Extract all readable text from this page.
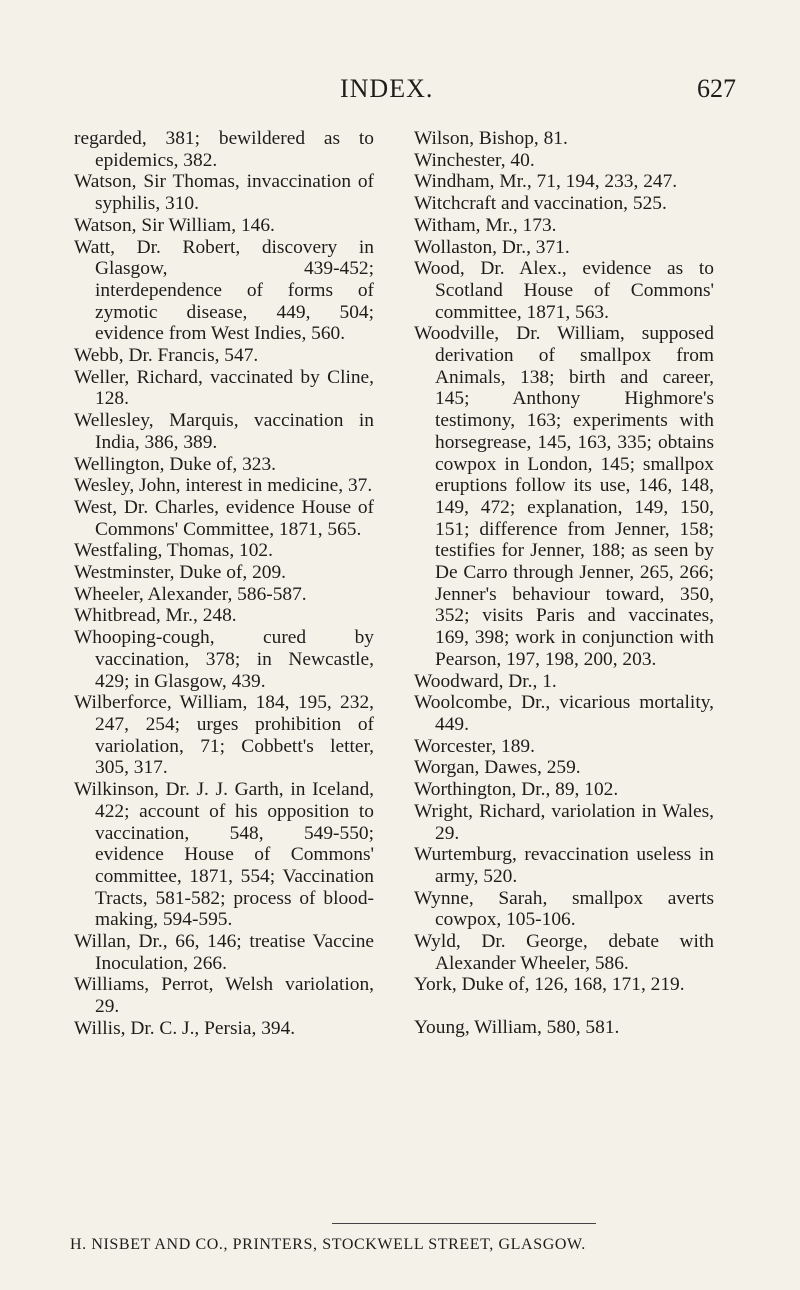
INDEX.	627

regarded, 381; bewildered as to epidemics, 382.

Watson, Sir Thomas, invaccination of syphilis, 310.

Watson, Sir William, 146.

Watt, Dr. Robert, discovery in Glasgow, 439-452; interdependence of forms of zymotic disease, 449, 504; evidence from West Indies, 560.

Webb, Dr. Francis, 547.

Weller, Richard, vaccinated by Cline, 128.

Wellesley, Marquis, vaccination in India, 386, 389.

Wellington, Duke of, 323.

Wesley, John, interest in medicine, 37.

West, Dr. Charles, evidence House of Commons' Committee, 1871, 565.

Westfaling, Thomas, 102.

Westminster, Duke of, 209.

Wheeler, Alexander, 586-587.

Whitbread, Mr., 248.

Whooping-cough, cured by vaccination, 378; in Newcastle, 429; in Glasgow, 439.

Wilberforce, William, 184, 195, 232, 247, 254; urges prohibition of variolation, 71; Cobbett's letter, 305, 317.

Wilkinson, Dr. J. J. Garth, in Iceland, 422; account of his opposition to vaccination, 548, 549-550; evidence House of Commons' committee, 1871, 554; Vaccination Tracts, 581-582; process of blood-making, 594-595.

Willan, Dr., 66, 146; treatise Vaccine Inoculation, 266.

Williams, Perrot, Welsh variolation, 29.

Willis, Dr. C. J., Persia, 394.

Wilson, Bishop, 81.

Winchester, 40.

Windham, Mr., 71, 194, 233, 247.

Witchcraft and vaccination, 525.

Witham, Mr., 173.

Wollaston, Dr., 371.

Wood, Dr. Alex., evidence as to Scotland House of Commons' committee, 1871, 563.

Woodville, Dr. William, supposed derivation of smallpox from Animals, 138; birth and career, 145; Anthony Highmore's testimony, 163; experiments with horsegrease, 145, 163, 335; obtains cowpox in London, 145; smallpox eruptions follow its use, 146, 148, 149, 472; explanation, 149, 150, 151; difference from Jenner, 158; testifies for Jenner, 188; as seen by De Carro through Jenner, 265, 266; Jenner's behaviour toward, 350, 352; visits Paris and vaccinates, 169, 398; work in conjunction with Pearson, 197, 198, 200, 203.

Woodward, Dr., 1.

Woolcombe, Dr., vicarious mortality, 449.

Worcester, 189.

Worgan, Dawes, 259.

Worthington, Dr., 89, 102.

Wright, Richard, variolation in Wales, 29.

Wurtemburg, revaccination useless in army, 520.

Wynne, Sarah, smallpox averts cowpox, 105-106.

Wyld, Dr. George, debate with Alexander Wheeler, 586.

York, Duke of, 126, 168, 171, 219.

Young, William, 580, 581.

H. NISBET AND CO., PRINTERS, STOCKWELL STREET, GLASGOW.
